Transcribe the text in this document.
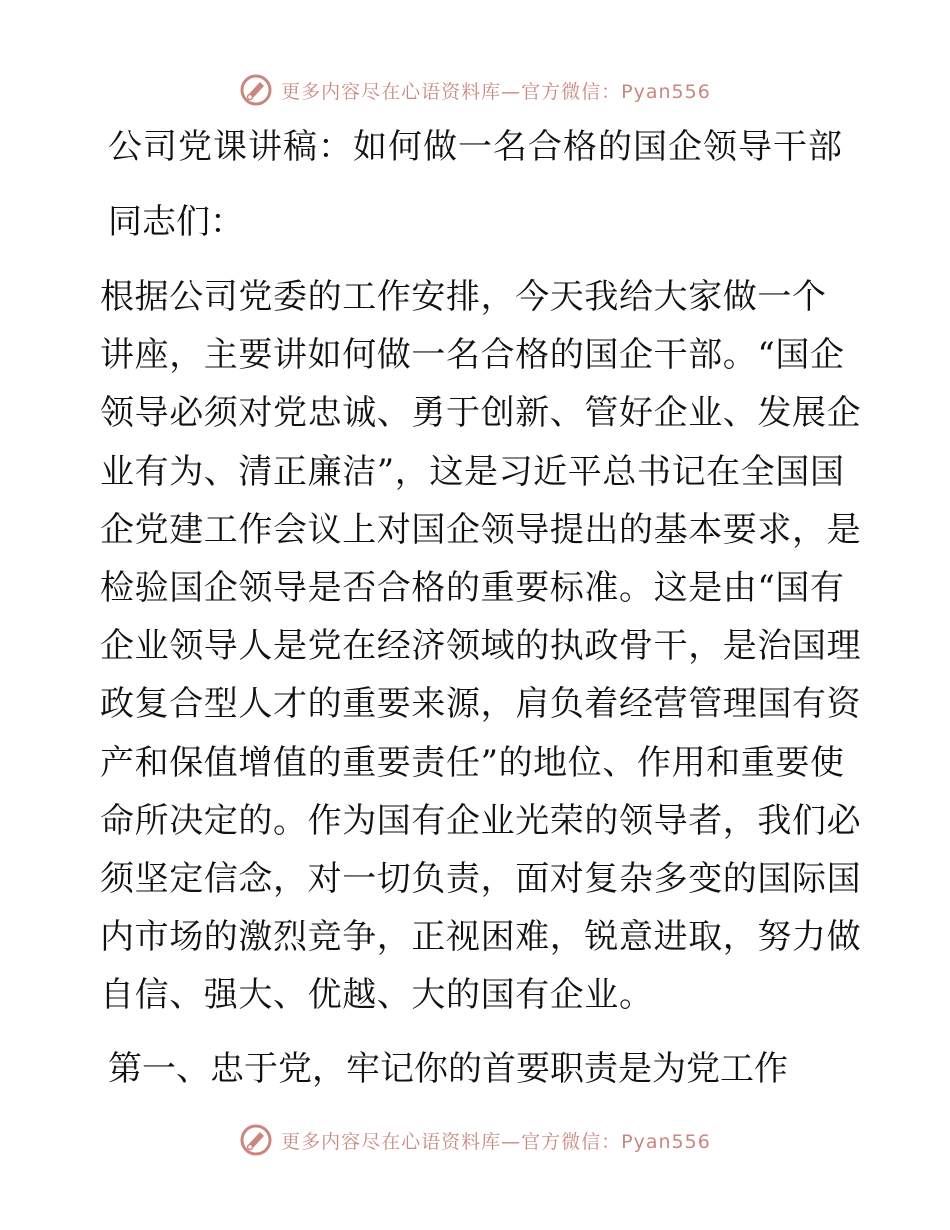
更多内容尽在心语资料库—官方微信：Pyan556
公司党课讲稿：如何做一名合格的国企领导干部
同志们：
根据公司党委的工作安排，今天我给大家做一个
讲座，主要讲如何做一名合格的国企干部。“国企
领导必须对党忠诚、勇于创新、管好企业、发展企
业有为、清正廉洁”，这是习近平总书记在全国国
企党建工作会议上对国企领导提出的基本要求，是
检验国企领导是否合格的重要标准。这是由“国有
企业领导人是党在经济领域的执政骨干，是治国理
政复合型人才的重要来源，肩负着经营管理国有资
产和保值增值的重要责任”的地位、作用和重要使
命所决定的。作为国有企业光荣的领导者，我们必
须坚定信念，对一切负责，面对复杂多变的国际国
内市场的激烈竞争，正视困难，锐意进取，努力做
自信、强大、优越、大的国有企业。
第一、忠于党，牢记你的首要职责是为党工作
更多内容尽在心语资料库—官方微信：Pyan556
